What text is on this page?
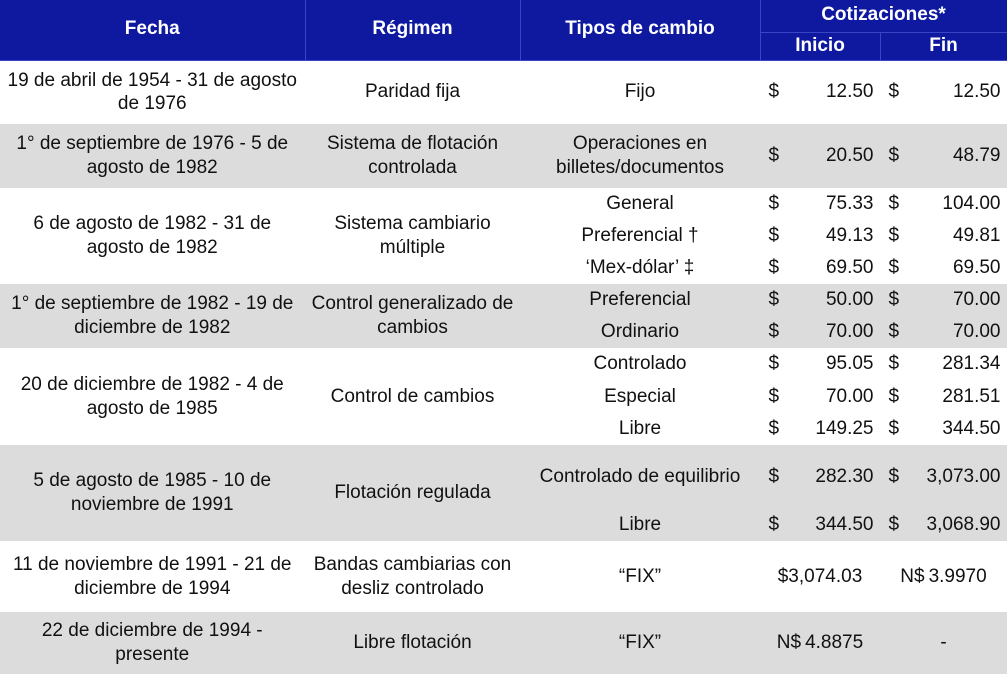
Fecha	Régimen	Tipos de cambio	Cotizaciones*	
			Inicio	Fin
19 de abril de 1954 - 31 de agosto de 1976	Paridad fija	Fijo	$ 12.50	$ 12.50

1° de septiembre de 1976 - 5 de agosto de 1982	Sistema de flotación controlada	Operaciones en billetes/documentos	$ 20.50	$ 48.79

6 de agosto de 1982 - 31 de agosto de 1982	Sistema cambiario múltiple	General	$ 75.33	$ 104.00

		Preferencial †	$ 49.13	$ 49.81

		‘Mex-dólar’ ‡	$ 69.50	$ 69.50

1° de septiembre de 1982 - 19 de diciembre de 1982	Control generalizado de cambios	Preferencial	$ 50.00	$ 70.00

		Ordinario	$ 70.00	$ 70.00

20 de diciembre de 1982 - 4 de agosto de 1985	Control de cambios	Controlado	$ 95.05	$ 281.34

		Especial	$ 70.00	$ 281.51

		Libre	$ 149.25	$ 344.50

5 de agosto de 1985 - 10 de noviembre de 1991	Flotación regulada	Controlado de equilibrio	$ 282.30	$ 3,073.00

		Libre	$ 344.50	$ 3,068.90

11 de noviembre de 1991 - 21 de diciembre de 1994	Bandas cambiarias con desliz controlado	“FIX”	$ 3,074.03	N$ 3.9970

22 de diciembre de 1994 - presente	Libre flotación	“FIX”	N$ 4.8875	-
